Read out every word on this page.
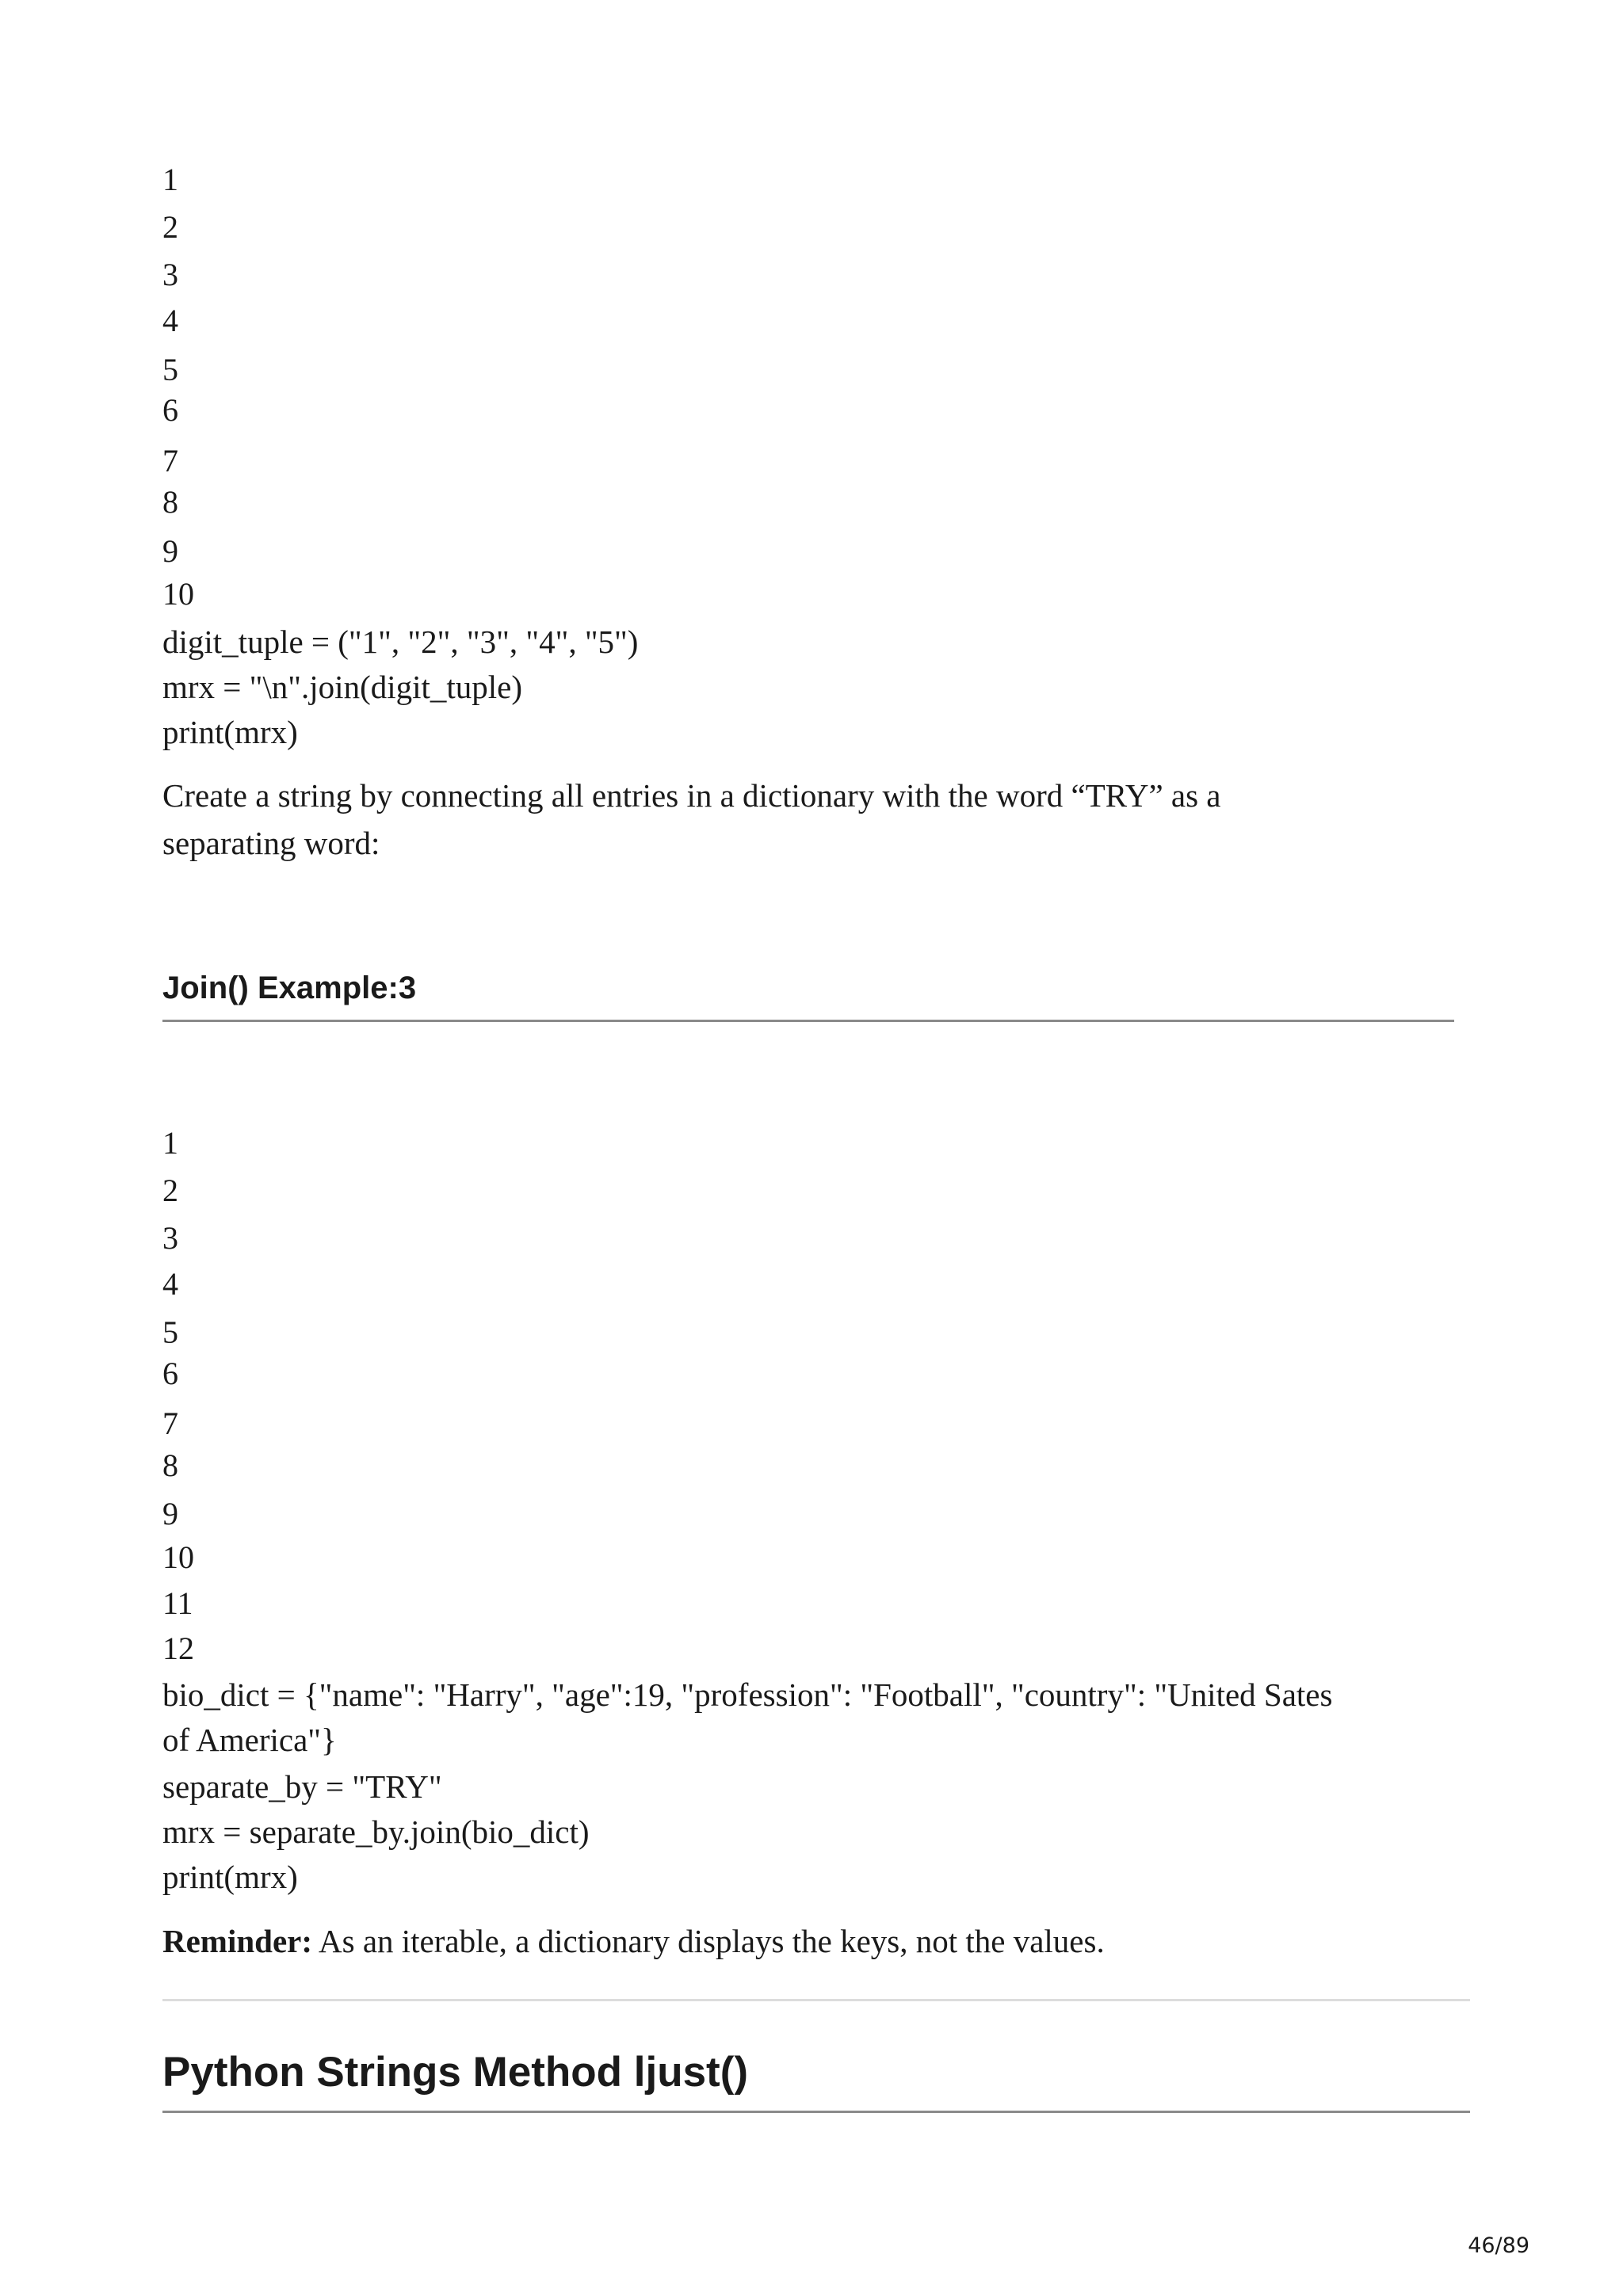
1
2
3
4
5
6
7
8
9
10
digit_tuple = ("1", "2", "3", "4", "5")
mrx = "\n".join(digit_tuple)
print(mrx)
Create a string by connecting all entries in a dictionary with the word “TRY” as a
separating word:
Join() Example:3
1
2
3
4
5
6
7
8
9
10
11
12
bio_dict = {"name": "Harry", "age":19, "profession": "Football", "country": "United Sates
of America"}
separate_by = "TRY"
mrx = separate_by.join(bio_dict)
print(mrx)
Reminder: As an iterable, a dictionary displays the keys, not the values.
Python Strings Method ljust()
46/89
